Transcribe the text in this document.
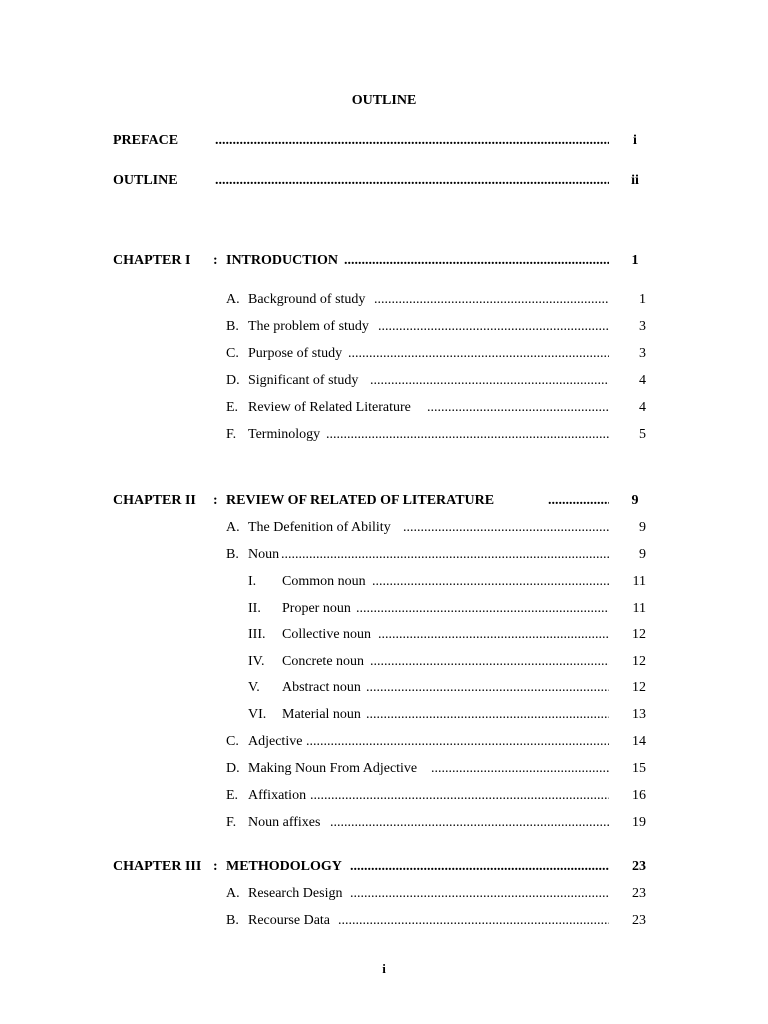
OUTLINE
PREFACE .....	i
OUTLINE .....	ii
CHAPTER I : INTRODUCTION .....	1
A. Background of study .....	1
B. The problem of study .....	3
C. Purpose of study .....	3
D. Significant of study .....	4
E. Review of Related Literature .....	4
F. Terminology .....	5
CHAPTER II : REVIEW OF RELATED OF LITERATURE .....	9
A. The Defenition of Ability .....	9
B. Noun .....	9
I. Common noun .....	11
II. Proper noun .....	11
III. Collective noun .....	12
IV. Concrete noun .....	12
V. Abstract noun .....	12
VI. Material noun .....	13
C. Adjective .....	14
D. Making Noun From Adjective .....	15
E. Affixation .....	16
F. Noun affixes .....	19
CHAPTER III : METHODOLOGY .....	23
A. Research Design .....	23
B. Recourse Data .....	23
i
